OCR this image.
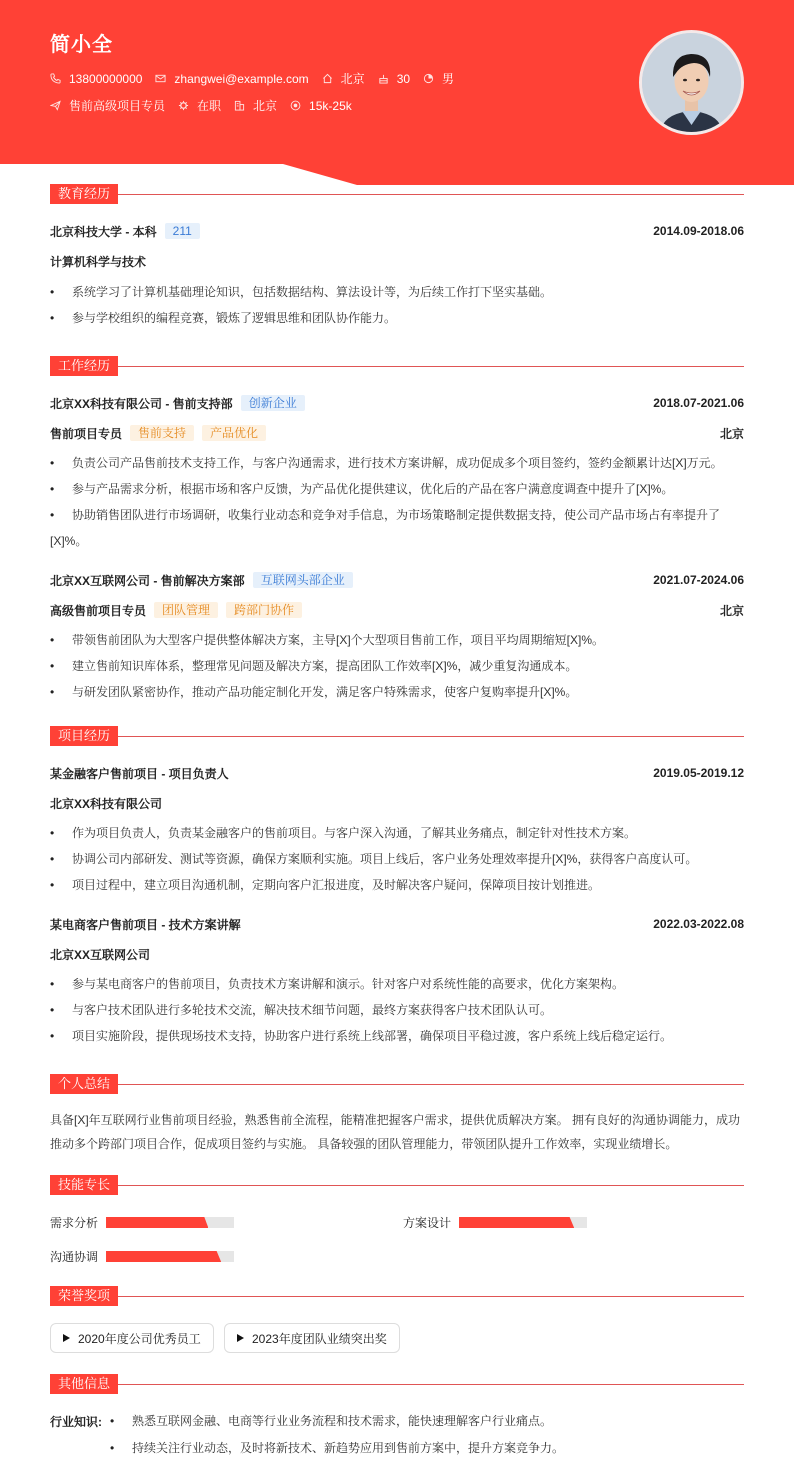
简小全
13800000000	zhangwei@example.com	北京	30	男
售前高级项目专员	在职	北京	15k-25k
教育经历
北京科技大学 - 本科	211	2014.09-2018.06
计算机科学与技术
• 系统学习了计算机基础理论知识，包括数据结构、算法设计等，为后续工作打下坚实基础。
• 参与学校组织的编程竞赛，锻炼了逻辑思维和团队协作能力。
工作经历
北京XX科技有限公司 - 售前支持部	创新企业	2018.07-2021.06
售前项目专员	售前支持	产品优化	北京
• 负责公司产品售前技术支持工作，与客户沟通需求，进行技术方案讲解，成功促成多个项目签约，签约金额累计达[X]万元。
• 参与产品需求分析，根据市场和客户反馈，为产品优化提供建议，优化后的产品在客户满意度调查中提升了[X]%。
• 协助销售团队进行市场调研，收集行业动态和竞争对手信息，为市场策略制定提供数据支持，使公司产品市场占有率提升了[X]%。
北京XX互联网公司 - 售前解决方案部	互联网头部企业	2021.07-2024.06
高级售前项目专员	团队管理	跨部门协作	北京
• 带领售前团队为大型客户提供整体解决方案，主导[X]个大型项目售前工作，项目平均周期缩短[X]%。
• 建立售前知识库体系，整理常见问题及解决方案，提高团队工作效率[X]%，减少重复沟通成本。
• 与研发团队紧密协作，推动产品功能定制化开发，满足客户特殊需求，使客户复购率提升[X]%。
项目经历
某金融客户售前项目 - 项目负责人	2019.05-2019.12
北京XX科技有限公司
• 作为项目负责人，负责某金融客户的售前项目。与客户深入沟通，了解其业务痛点，制定针对性技术方案。
• 协调公司内部研发、测试等资源，确保方案顺利实施。项目上线后，客户业务处理效率提升[X]%，获得客户高度认可。
• 项目过程中，建立项目沟通机制，定期向客户汇报进度，及时解决客户疑问，保障项目按计划推进。
某电商客户售前项目 - 技术方案讲解	2022.03-2022.08
北京XX互联网公司
• 参与某电商客户的售前项目，负责技术方案讲解和演示。针对客户对系统性能的高要求，优化方案架构。
• 与客户技术团队进行多轮技术交流，解决技术细节问题，最终方案获得客户技术团队认可。
• 项目实施阶段，提供现场技术支持，协助客户进行系统上线部署，确保项目平稳过渡，客户系统上线后稳定运行。
个人总结

具备[X]年互联网行业售前项目经验，熟悉售前全流程，能精准把握客户需求，提供优质解决方案。 拥有良好的沟通协调能力，成功推动多个跨部门项目合作，促成项目签约与实施。 具备较强的团队管理能力，带领团队提升工作效率，实现业绩增长。

技能专长
需求分析	方案设计
沟通协调
荣誉奖项
2020年度公司优秀员工	2023年度团队业绩突出奖
其他信息
行业知识:	• 熟悉互联网金融、电商等行业业务流程和技术需求，能快速理解客户行业痛点。
• 持续关注行业动态，及时将新技术、新趋势应用到售前方案中，提升方案竞争力。
